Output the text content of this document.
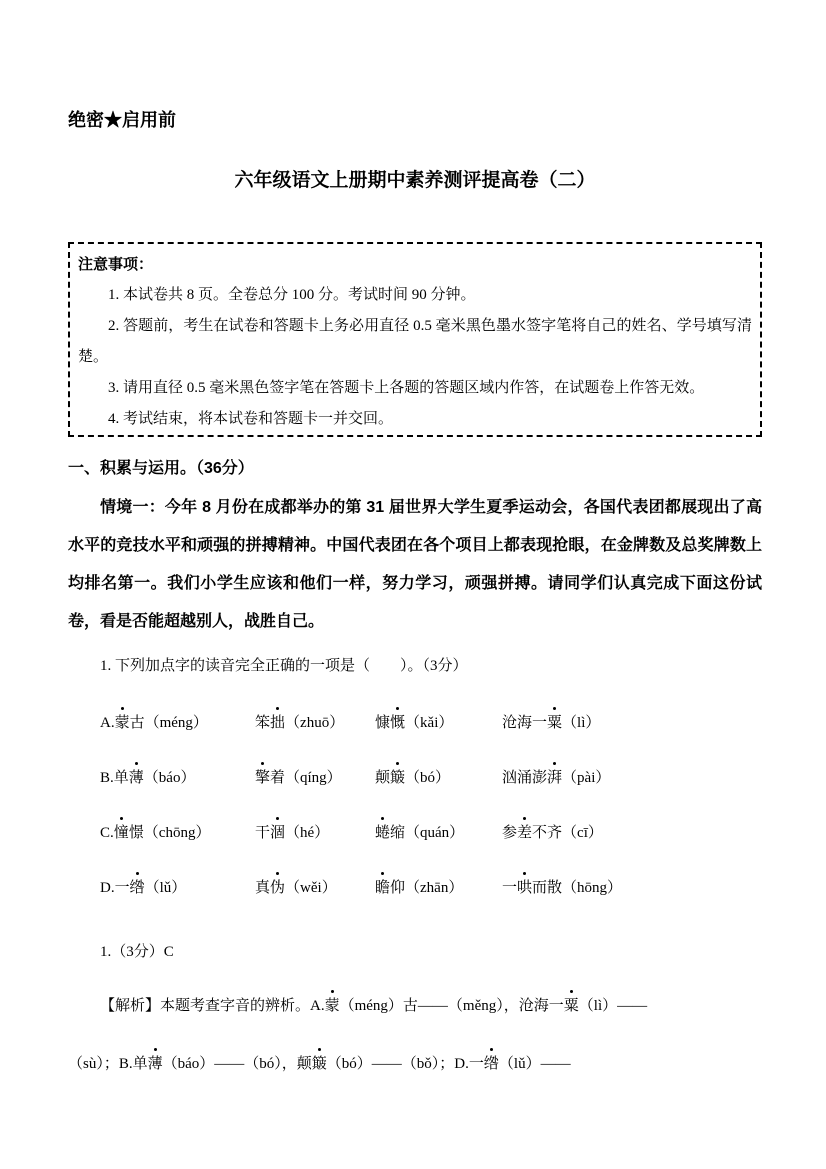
绝密★启用前
六年级语文上册期中素养测评提高卷（二）
注意事项：

1. 本试卷共 8 页。全卷总分 100 分。考试时间 90 分钟。

2. 答题前，考生在试卷和答题卡上务必用直径 0.5 毫米黑色墨水签字笔将自己的姓名、学号填写清楚。

3. 请用直径 0.5 毫米黑色签字笔在答题卡上各题的答题区域内作答，在试题卷上作答无效。

4. 考试结束，将本试卷和答题卡一并交回。

一、积累与运用。（36分）

情境一：今年 8 月份在成都举办的第 31 届世界大学生夏季运动会，各国代表团都展现出了高水平的竞技水平和顽强的拼搏精神。中国代表团在各个项目上都表现抢眼，在金牌数及总奖牌数上均排名第一。我们小学生应该和他们一样，努力学习，顽强拼搏。请同学们认真完成下面这份试卷，看是否能超越别人，战胜自己。

1. 下列加点字的读音完全正确的一项是（　　）。（3分）
A.蒙古（méng）	笨拙（zhuō）	慷慨（kǎi）	沧海一粟（lì）
B.单薄（báo）	擎着（qíng）	颠簸（bó）	汹涌澎湃（pài）
C.憧憬（chōng）	干涸（hé）	蜷缩（quán）	参差不齐（cī）
D.一绺（lǔ）	真伪（wěi）	瞻仰（zhān）	一哄而散（hōng）
1.（3分）C
【解析】本题考查字音的辨析。A.蒙（méng）古——（měng），沧海一粟（lì）——
（sù）；B.单薄（báo）——（bó），颠簸（bó）——（bǒ）；D.一绺（lǔ）——
